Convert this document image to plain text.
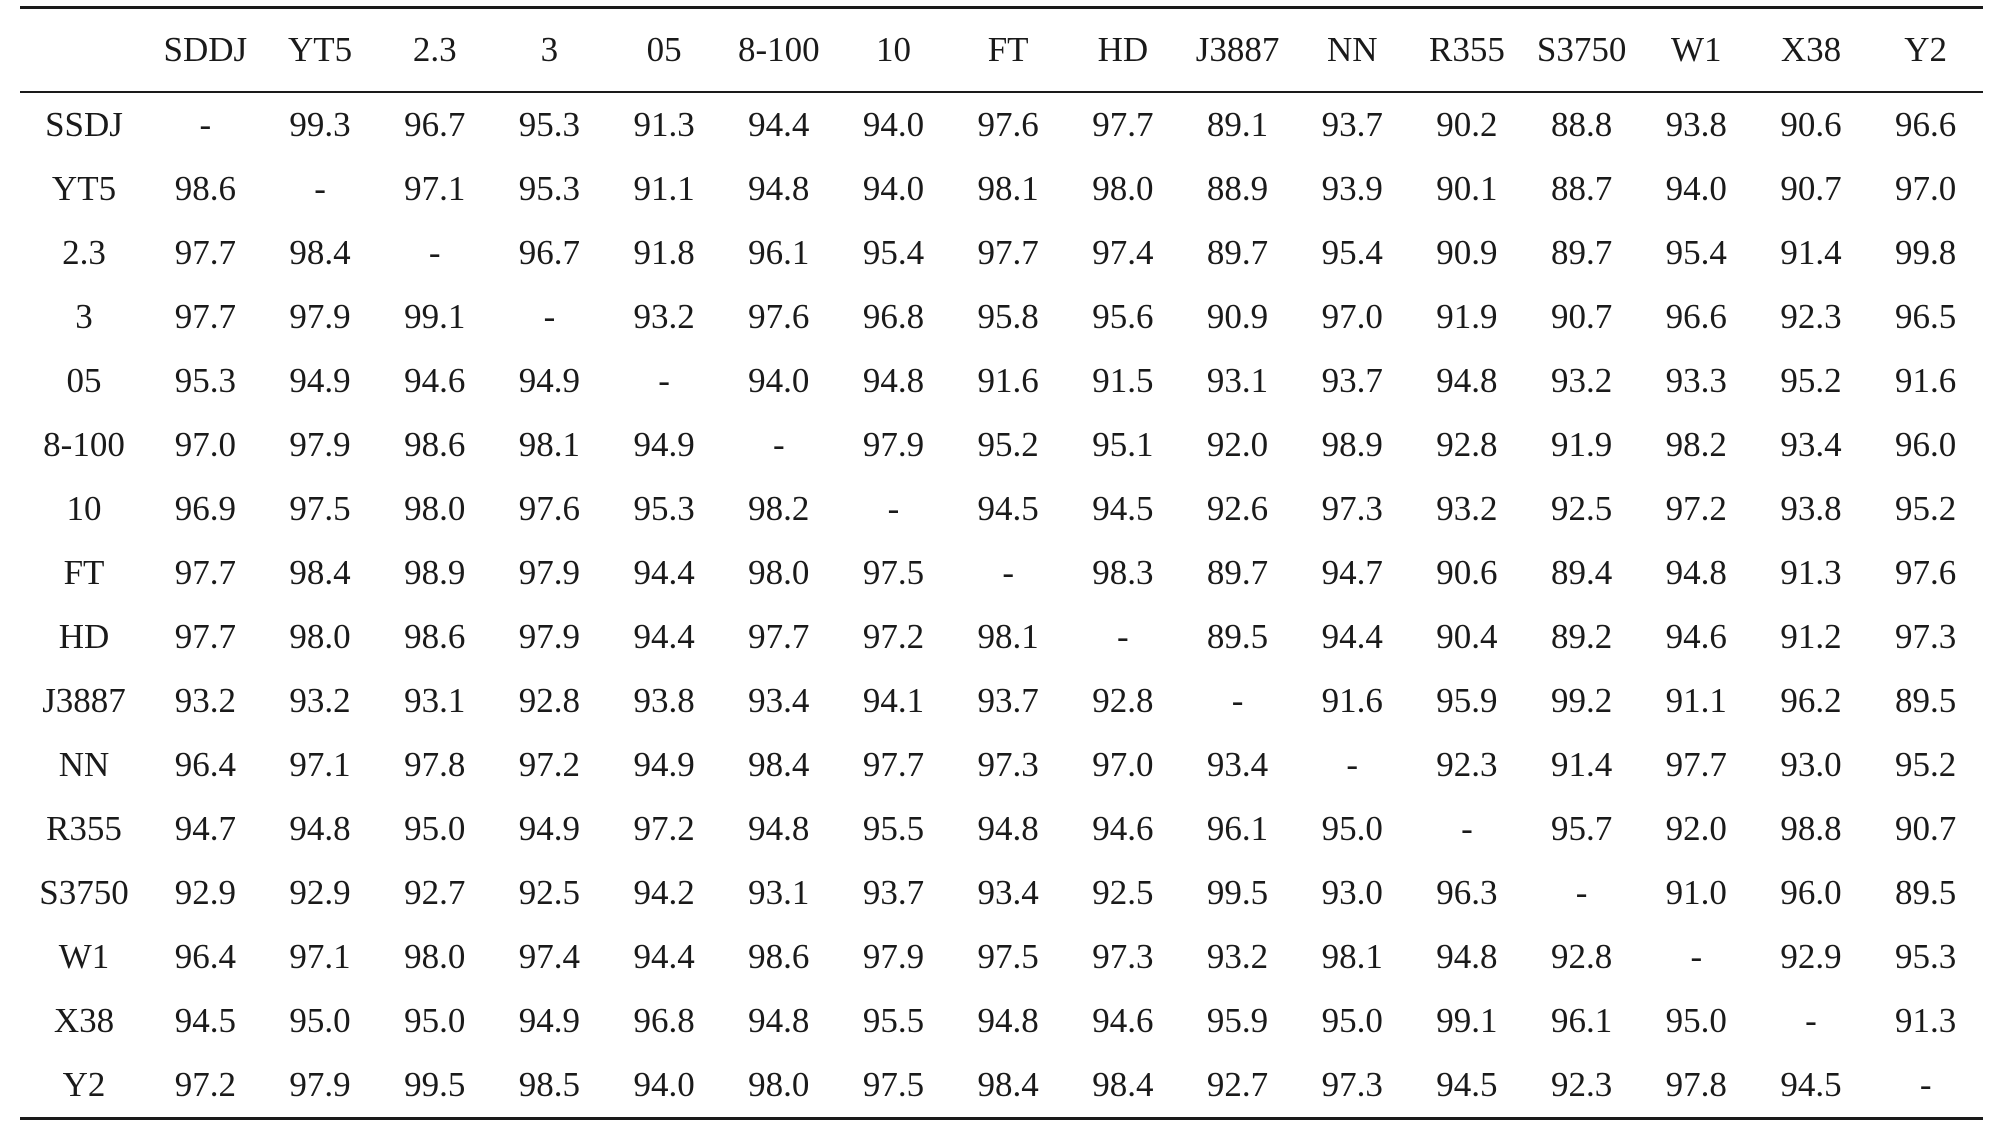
	SDDJ	YT5	2.3	3	05	8-100	10	FT	HD	J3887	NN	R355	S3750	W1	X38	Y2
SSDJ	-	99.3	96.7	95.3	91.3	94.4	94.0	97.6	97.7	89.1	93.7	90.2	88.8	93.8	90.6	96.6
YT5	98.6	-	97.1	95.3	91.1	94.8	94.0	98.1	98.0	88.9	93.9	90.1	88.7	94.0	90.7	97.0
2.3	97.7	98.4	-	96.7	91.8	96.1	95.4	97.7	97.4	89.7	95.4	90.9	89.7	95.4	91.4	99.8
3	97.7	97.9	99.1	-	93.2	97.6	96.8	95.8	95.6	90.9	97.0	91.9	90.7	96.6	92.3	96.5
05	95.3	94.9	94.6	94.9	-	94.0	94.8	91.6	91.5	93.1	93.7	94.8	93.2	93.3	95.2	91.6
8-100	97.0	97.9	98.6	98.1	94.9	-	97.9	95.2	95.1	92.0	98.9	92.8	91.9	98.2	93.4	96.0
10	96.9	97.5	98.0	97.6	95.3	98.2	-	94.5	94.5	92.6	97.3	93.2	92.5	97.2	93.8	95.2
FT	97.7	98.4	98.9	97.9	94.4	98.0	97.5	-	98.3	89.7	94.7	90.6	89.4	94.8	91.3	97.6
HD	97.7	98.0	98.6	97.9	94.4	97.7	97.2	98.1	-	89.5	94.4	90.4	89.2	94.6	91.2	97.3
J3887	93.2	93.2	93.1	92.8	93.8	93.4	94.1	93.7	92.8	-	91.6	95.9	99.2	91.1	96.2	89.5
NN	96.4	97.1	97.8	97.2	94.9	98.4	97.7	97.3	97.0	93.4	-	92.3	91.4	97.7	93.0	95.2
R355	94.7	94.8	95.0	94.9	97.2	94.8	95.5	94.8	94.6	96.1	95.0	-	95.7	92.0	98.8	90.7
S3750	92.9	92.9	92.7	92.5	94.2	93.1	93.7	93.4	92.5	99.5	93.0	96.3	-	91.0	96.0	89.5
W1	96.4	97.1	98.0	97.4	94.4	98.6	97.9	97.5	97.3	93.2	98.1	94.8	92.8	-	92.9	95.3
X38	94.5	95.0	95.0	94.9	96.8	94.8	95.5	94.8	94.6	95.9	95.0	99.1	96.1	95.0	-	91.3
Y2	97.2	97.9	99.5	98.5	94.0	98.0	97.5	98.4	98.4	92.7	97.3	94.5	92.3	97.8	94.5	-
